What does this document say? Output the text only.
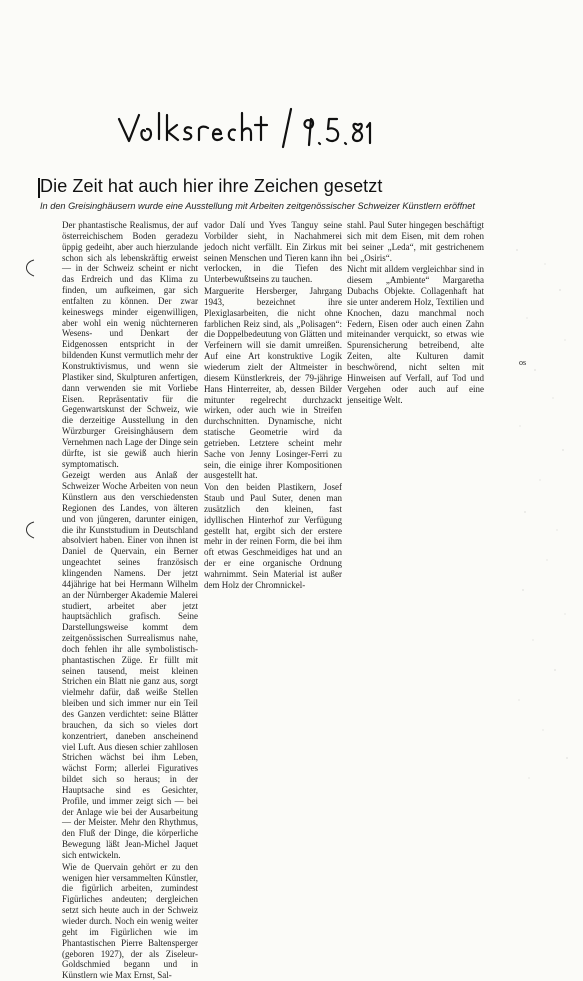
Volksrecht / 9. 5. 81
Die Zeit hat auch hier ihre Zeichen gesetzt

In den Greisinghäusern wurde eine Ausstellung mit Arbeiten zeitgenössischer Schweizer Künstlern eröffnet

Der phantastische Realismus, der auf österreichischem Boden geradezu üppig gedeiht, aber auch hierzulande schon sich als lebenskräftig erweist — in der Schweiz scheint er nicht das Erdreich und das Klima zu finden, um aufkeimen, gar sich entfalten zu können. Der zwar keineswegs minder eigenwilligen, aber wohl ein wenig nüchterneren Wesens- und Denkart der Eidgenossen entspricht in der bildenden Kunst vermutlich mehr der Konstruktivismus, und wenn sie Plastiker sind, Skulpturen anfertigen, dann verwenden sie mit Vorliebe Eisen. Repräsentativ für die Gegenwartskunst der Schweiz, wie die derzeitige Ausstellung in den Würzburger Greisinghäusern dem Vernehmen nach Lage der Dinge sein dürfte, ist sie gewiß auch hierin symptomatisch.

Gezeigt werden aus Anlaß der Schweizer Woche Arbeiten von neun Künstlern aus den verschiedensten Regionen des Landes, von älteren und von jüngeren, darunter einigen, die ihr Kunststudium in Deutschland absolviert haben. Einer von ihnen ist Daniel de Quervain, ein Berner ungeachtet seines französisch klingenden Namens. Der jetzt 44jährige hat bei Hermann Wilhelm an der Nürnberger Akademie Malerei studiert, arbeitet aber jetzt hauptsächlich grafisch. Seine Darstellungsweise kommt dem zeitgenössischen Surrealismus nahe, doch fehlen ihr alle symbolistisch-phantastischen Züge. Er füllt mit seinen tausend, meist kleinen Strichen ein Blatt nie ganz aus, sorgt vielmehr dafür, daß weiße Stellen bleiben und sich immer nur ein Teil des Ganzen verdichtet: seine Blätter brauchen, da sich so vieles dort konzentriert, daneben anscheinend viel Luft. Aus diesen schier zahllosen Strichen wächst bei ihm Leben, wächst Form; allerlei Figuratives bildet sich so heraus; in der Hauptsache sind es Gesichter, Profile, und immer zeigt sich — bei der Anlage wie bei der Ausarbeitung — der Meister. Mehr den Rhythmus, den Fluß der Dinge, die körperliche Bewegung läßt Jean-Michel Jaquet sich entwickeln.

Wie de Quervain gehört er zu den wenigen hier versammelten Künstler, die figürlich arbeiten, zumindest Figürliches andeuten; dergleichen setzt sich heute auch in der Schweiz wieder durch. Noch ein wenig weiter geht im Figürlichen wie im Phantastischen Pierre Baltensperger (geboren 1927), der als Ziseleur-Goldschmied begann und in Künstlern wie Max Ernst, Sal-

vador Dalí und Yves Tanguy seine Vorbilder sieht, in Nachahmerei jedoch nicht verfällt. Ein Zirkus mit seinen Menschen und Tieren kann ihn verlocken, in die Tiefen des Unterbewußtseins zu tauchen.

Marguerite Hersberger, Jahrgang 1943, bezeichnet ihre Plexiglasarbeiten, die nicht ohne farblichen Reiz sind, als „Polisagen“: die Doppelbedeutung von Glätten und Verfeinern will sie damit umreißen. Auf eine Art konstruktive Logik wiederum zielt der Altmeister in diesem Künstlerkreis, der 79-jährige Hans Hinterreiter, ab, dessen Bilder mitunter regelrecht durchzackt wirken, oder auch wie in Streifen durchschnitten. Dynamische, nicht statische Geometrie wird da getrieben. Letztere scheint mehr Sache von Jenny Losinger-Ferri zu sein, die einige ihrer Kompositionen ausgestellt hat.

Von den beiden Plastikern, Josef Staub und Paul Suter, denen man zusätzlich den kleinen, fast idyllischen Hinterhof zur Verfügung gestellt hat, ergibt sich der erstere mehr in der reinen Form, die bei ihm oft etwas Geschmeidiges hat und an der er eine organische Ordnung wahrnimmt. Sein Material ist außer dem Holz der Chromnickel-

stahl. Paul Suter hingegen beschäftigt sich mit dem Eisen, mit dem rohen bei seiner „Leda“, mit gestrichenem bei „Osiris“.

Nicht mit alldem vergleichbar sind in diesem „Ambiente“ Margaretha Dubachs Objekte. Collagenhaft hat sie unter anderem Holz, Textilien und Knochen, dazu manchmal noch Federn, Eisen oder auch einen Zahn miteinander verquickt, so etwas wie Spurensicherung betreibend, alte Zeiten, alte Kulturen damit beschwörend, nicht selten mit Hinweisen auf Verfall, auf Tod und Vergehen oder auch auf eine jenseitige Welt.

os
